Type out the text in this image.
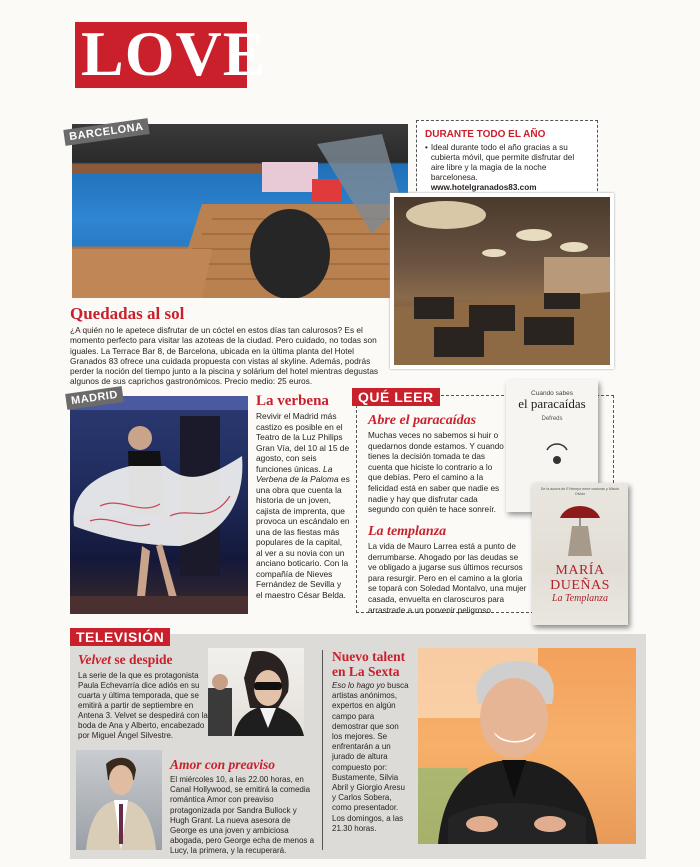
LOVE
BARCELONA	DURANTE TODO EL AÑO
• Ideal durante todo el año gracias a su cubierta móvil, que permite disfrutar del aire libre y la magia de la noche barcelonesa.
www.hotelgranados83.com
Quedadas al sol
¿A quién no le apetece disfrutar de un cóctel en estos días tan calurosos? Es el momento perfecto para visitar las azoteas de la ciudad. Pero cuidado, no todas son iguales. La Terrace Bar 8, de Barcelona, ubicada en la última planta del Hotel Granados 83 ofrece una cuidada propuesta con vistas al skyline. Además, podrás perder la noción del tiempo junto a la piscina y solárium del hotel mientras degustas algunos de sus caprichos gastronómicos. Precio medio: 25 euros.
MADRID	La verbena
Revivir el Madrid más castizo es posible en el Teatro de la Luz Philips Gran Vía, del 10 al 15 de agosto, con seis funciones únicas. La Verbena de la Paloma es una obra que cuenta la historia de un joven, cajista de imprenta, que provoca un escándalo en una de las fiestas más populares de la capital, al ver a su novia con un anciano boticario. Con la compañía de Nieves Fernández de Sevilla y el maestro César Belda.
QUÉ LEER
Abre el paracaídas
Muchas veces no sabemos si huir o quedarnos donde estamos. Y cuando tienes la decisión tomada te das cuenta que hiciste lo contrario a lo que debías. Pero el camino a la felicidad está en saber que nadie es nadie y hay que disfrutar cada segundo con quién te hace sonreír.
Cuando sabes
el paracaídas
Defreds
La templanza
La vida de Mauro Larrea está a punto de derrumbarse. Ahogado por las deudas se ve obligado a jugarse sus últimos recursos para resurgir. Pero en el camino a la gloria se topará con Soledad Montalvo, una mujer casada, envuelta en claroscuros para arrastrarle a un porvenir peligroso.
De la autora de El tiempo entre costuras y Misión Olvido
MARÍA DUEÑAS
La Templanza
TELEVISIÓN
Velvet se despide
La serie de la que es protagonista Paula Echevarría dice adiós en su cuarta y última temporada, que se emitirá a partir de septiembre en Antena 3. Velvet se despedirá con la boda de Ana y Alberto, encabezado por Miguel Ángel Silvestre.
Amor con preaviso
El miércoles 10, a las 22.00 horas, en Canal Hollywood, se emitirá la comedia romántica Amor con preaviso protagonizada por Sandra Bullock y Hugh Grant. La nueva asesora de George es una joven y ambiciosa abogada, pero George echa de menos a Lucy, la primera, y la recuperará.
Nuevo talent en La Sexta
Eso lo hago yo busca artistas anónimos, expertos en algún campo para demostrar que son los mejores. Se enfrentarán a un jurado de altura compuesto por: Bustamente, Silvia Abril y Giorgio Aresu y Carlos Sobera, como presentador. Los domingos, a las 21.30 horas.
